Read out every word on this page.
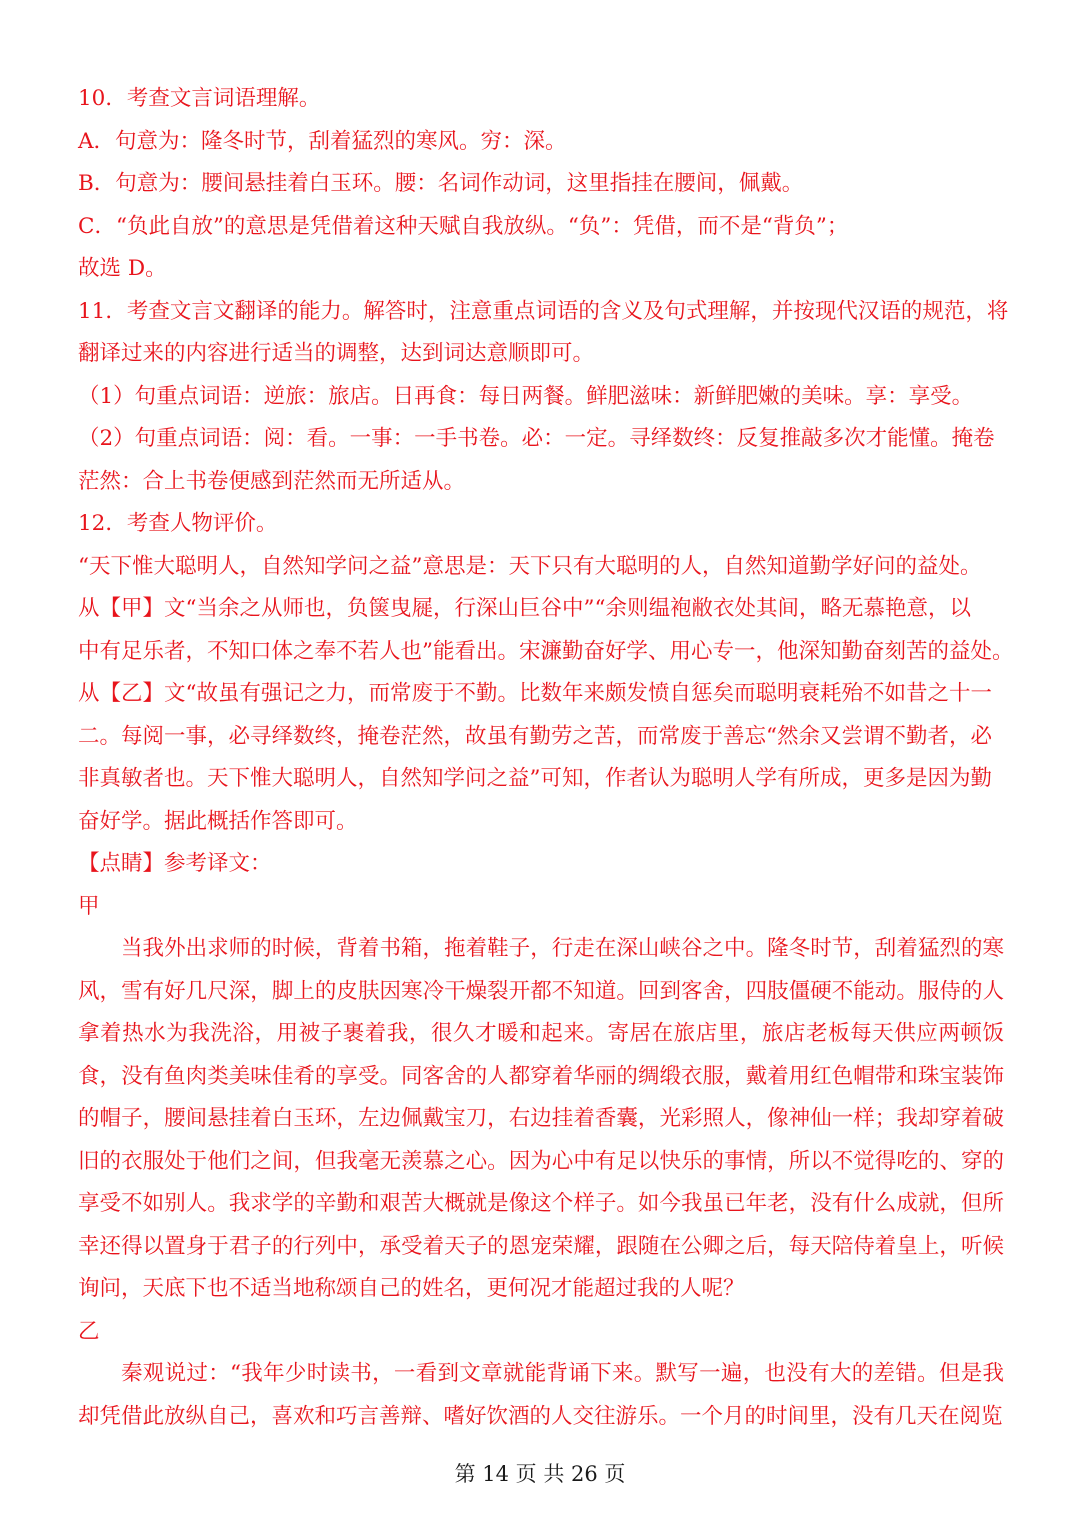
10．考查文言词语理解。
A．句意为：隆冬时节，刮着猛烈的寒风。穷：深。
B．句意为：腰间悬挂着白玉环。腰：名词作动词，这里指挂在腰间，佩戴。
C．“负此自放”的意思是凭借着这种天赋自我放纵。“负”：凭借，而不是“背负”；
故选 D。
11．考查文言文翻译的能力。解答时，注意重点词语的含义及句式理解，并按现代汉语的规范，将
翻译过来的内容进行适当的调整，达到词达意顺即可。
（1）句重点词语：逆旅：旅店。日再食：每日两餐。鲜肥滋味：新鲜肥嫩的美味。享：享受。
（2）句重点词语：阅：看。一事：一手书卷。必：一定。寻绎数终：反复推敲多次才能懂。掩卷
茫然：合上书卷便感到茫然而无所适从。
12．考查人物评价。
“天下惟大聪明人，自然知学问之益”意思是：天下只有大聪明的人，自然知道勤学好问的益处。
从【甲】文“当余之从师也，负箧曳屣，行深山巨谷中”“余则缊袍敝衣处其间，略无慕艳意，以
中有足乐者，不知口体之奉不若人也”能看出。宋濂勤奋好学、用心专一，他深知勤奋刻苦的益处。
从【乙】文“故虽有强记之力，而常废于不勤。比数年来颇发愤自惩矣而聪明衰耗殆不如昔之十一
二。每阅一事，必寻绎数终，掩卷茫然，故虽有勤劳之苦，而常废于善忘“然余又尝谓不勤者，必
非真敏者也。天下惟大聪明人，自然知学问之益”可知，作者认为聪明人学有所成，更多是因为勤
奋好学。据此概括作答即可。
【点睛】参考译文：
甲
当我外出求师的时候，背着书箱，拖着鞋子，行走在深山峡谷之中。隆冬时节，刮着猛烈的寒风，雪有好几尺深，脚上的皮肤因寒冷干燥裂开都不知道。回到客舍，四肢僵硬不能动。服侍的人拿着热水为我洗浴，用被子裹着我，很久才暖和起来。寄居在旅店里，旅店老板每天供应两顿饭食，没有鱼肉类美味佳肴的享受。同客舍的人都穿着华丽的绸缎衣服，戴着用红色帽带和珠宝装饰的帽子，腰间悬挂着白玉环，左边佩戴宝刀，右边挂着香囊，光彩照人，像神仙一样；我却穿着破旧的衣服处于他们之间，但我毫无羡慕之心。因为心中有足以快乐的事情，所以不觉得吃的、穿的享受不如别人。我求学的辛勤和艰苦大概就是像这个样子。如今我虽已年老，没有什么成就，但所幸还得以置身于君子的行列中，承受着天子的恩宠荣耀，跟随在公卿之后，每天陪侍着皇上，听候询问，天底下也不适当地称颂自己的姓名，更何况才能超过我的人呢？
乙
秦观说过：“我年少时读书，一看到文章就能背诵下来。默写一遍，也没有大的差错。但是我却凭借此放纵自己，喜欢和巧言善辩、嗜好饮酒的人交往游乐。一个月的时间里，没有几天在阅览
第 14 页 共 26 页
